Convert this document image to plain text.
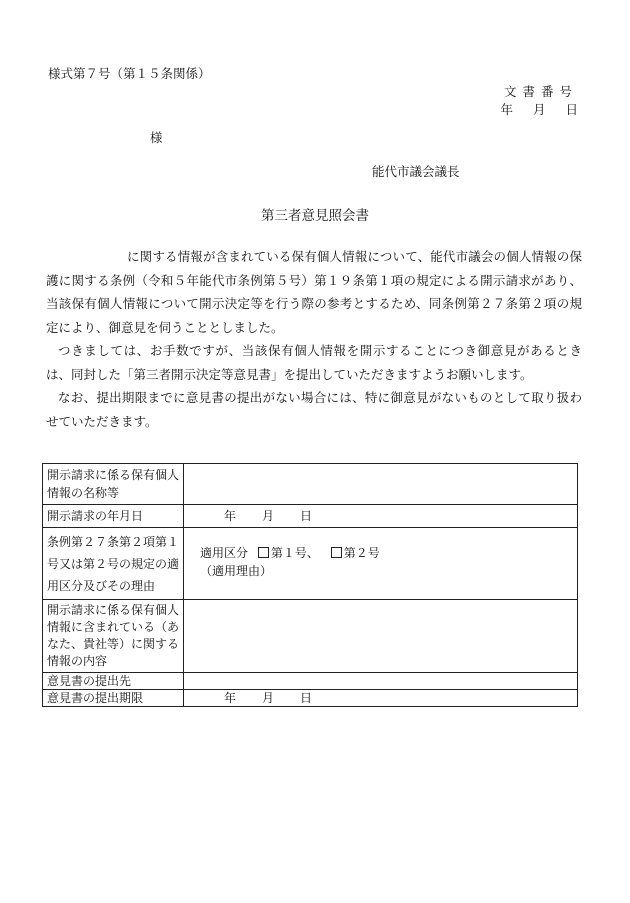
様式第７号（第１５条関係）
文書番号
年 月 日
様
能代市議会議長
第三者意見照会書

に関する情報が含まれている保有個人情報について、能代市議会の個人情報の保護に関する条例（令和５年能代市条例第５号）第１９条第１項の規定による開示請求があり、当該保有個人情報について開示決定等を行う際の参考とするため、同条例第２７条第２項の規定により、御意見を伺うこととしました。

つきましては、お手数ですが、当該保有個人情報を開示することにつき御意見があるときは、同封した「第三者開示決定等意見書」を提出していただきますようお願いします。

なお、提出期限までに意見書の提出がない場合には、特に御意見がないものとして取り扱わせていただきます。

開示請求に係る保有個人情報の名称等	
開示請求の年月日	年 月 日
条例第２７条第２項第１号又は第２号の規定の適用区分及びその理由	適用区分 第１号、 第２号
（適用理由）

開示請求に係る保有個人情報に含まれている（あなた、貴社等）に関する情報の内容	
意見書の提出先	
意見書の提出期限	年 月 日
